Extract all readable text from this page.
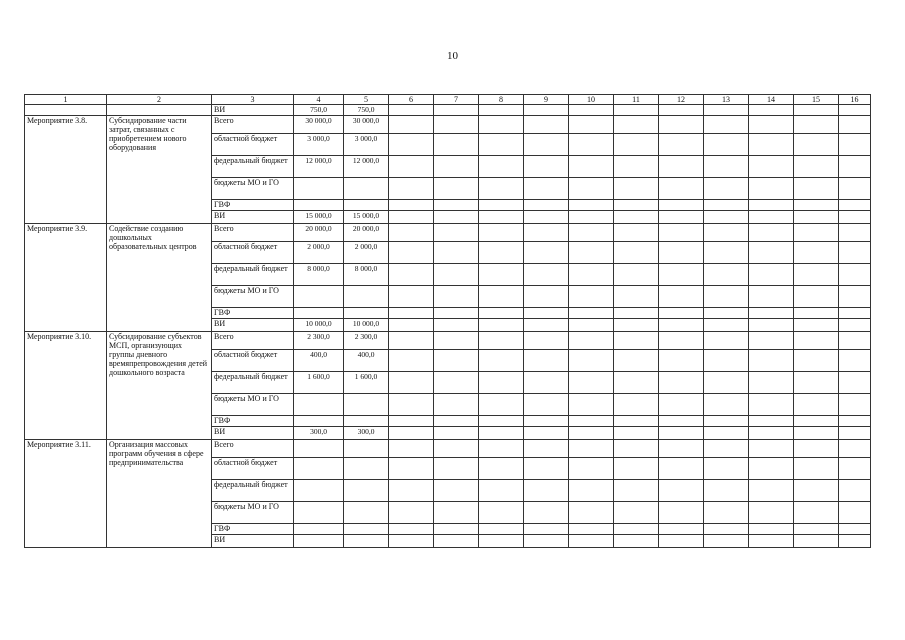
10
1	2	3	4	5	6	7	8	9	10	11	12	13	14	15	16
		ВИ	750,0	750,0											
Мероприятие 3.8.	Субсидирование части затрат, связанных с приобретением нового оборудования	Всего	30 000,0	30 000,0											
		областной бюджет	3 000,0	3 000,0											
		федеральный бюджет	12 000,0	12 000,0											
		бюджеты МО и ГО													
		ГВФ													
		ВИ	15 000,0	15 000,0											
Мероприятие 3.9.	Содействие созданию дошкольных образовательных центров	Всего	20 000,0	20 000,0											
		областной бюджет	2 000,0	2 000,0											
		федеральный бюджет	8 000,0	8 000,0											
		бюджеты МО и ГО													
		ГВФ													
		ВИ	10 000,0	10 000,0											
Мероприятие 3.10.	Субсидирование субъектов МСП, организующих группы дневного времяпрепровождения детей дошкольного возраста	Всего	2 300,0	2 300,0											
		областной бюджет	400,0	400,0											
		федеральный бюджет	1 600,0	1 600,0											
		бюджеты МО и ГО													
		ГВФ													
		ВИ	300,0	300,0											
Мероприятие 3.11.	Организация массовых программ обучения в сфере предпринимательства	Всего													
		областной бюджет													
		федеральный бюджет													
		бюджеты МО и ГО													
		ГВФ													
		ВИ													
